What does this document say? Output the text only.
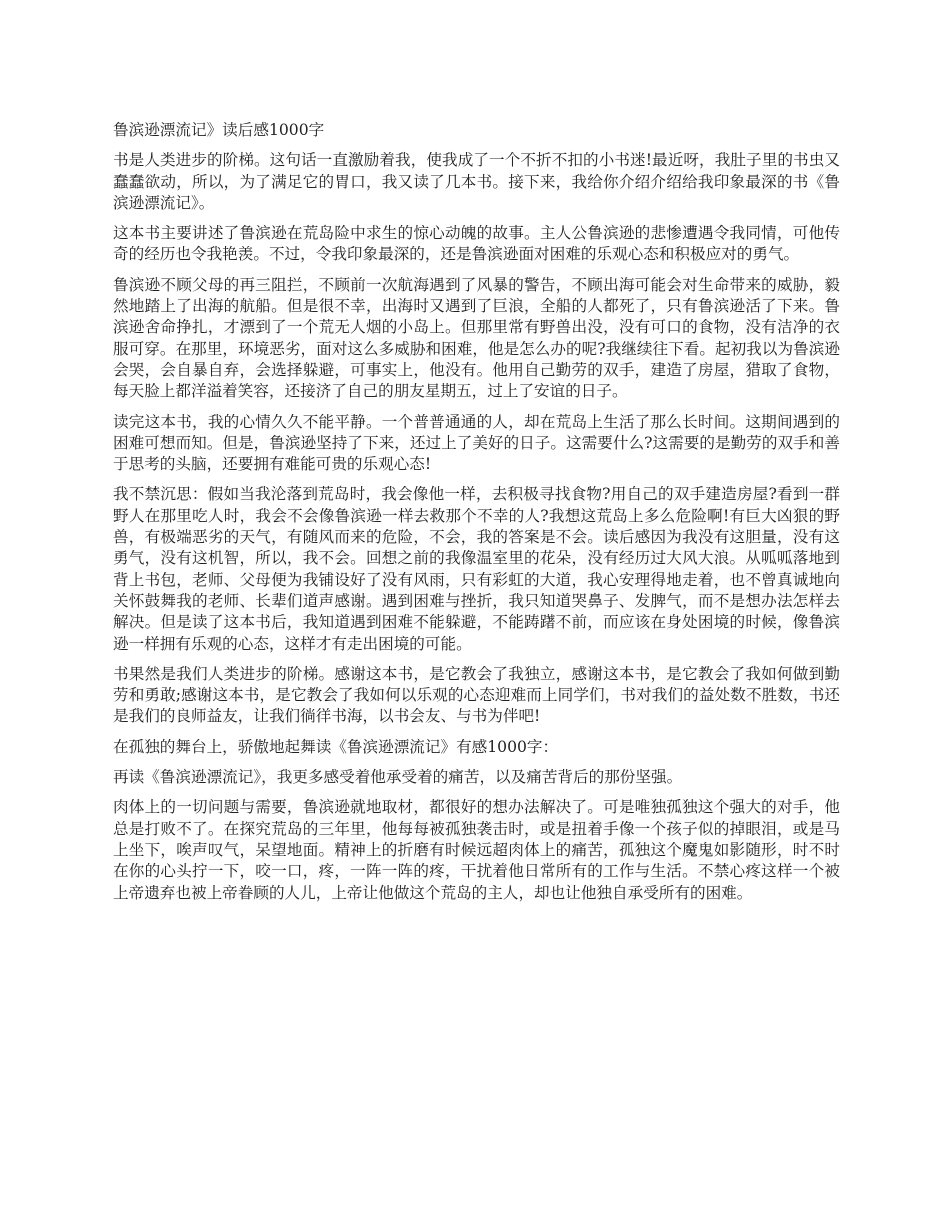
鲁滨逊漂流记》读后感1000字

书是人类进步的阶梯。这句话一直激励着我，使我成了一个不折不扣的小书迷!最近呀，我肚子里的书虫又蠢蠢欲动，所以，为了满足它的胃口，我又读了几本书。接下来，我给你介绍介绍给我印象最深的书《鲁滨逊漂流记》。

这本书主要讲述了鲁滨逊在荒岛险中求生的惊心动魄的故事。主人公鲁滨逊的悲惨遭遇令我同情，可他传奇的经历也令我艳羡。不过，令我印象最深的，还是鲁滨逊面对困难的乐观心态和积极应对的勇气。

鲁滨逊不顾父母的再三阻拦，不顾前一次航海遇到了风暴的警告，不顾出海可能会对生命带来的威胁，毅然地踏上了出海的航船。但是很不幸，出海时又遇到了巨浪，全船的人都死了，只有鲁滨逊活了下来。鲁滨逊舍命挣扎，才漂到了一个荒无人烟的小岛上。但那里常有野兽出没，没有可口的食物，没有洁净的衣服可穿。在那里，环境恶劣，面对这么多威胁和困难，他是怎么办的呢?我继续往下看。起初我以为鲁滨逊会哭，会自暴自弃，会选择躲避，可事实上，他没有。他用自己勤劳的双手，建造了房屋，猎取了食物，每天脸上都洋溢着笑容，还接济了自己的朋友星期五，过上了安谊的日子。

读完这本书，我的心情久久不能平静。一个普普通通的人，却在荒岛上生活了那么长时间。这期间遇到的困难可想而知。但是，鲁滨逊坚持了下来，还过上了美好的日子。这需要什么?这需要的是勤劳的双手和善于思考的头脑，还要拥有难能可贵的乐观心态!

我不禁沉思：假如当我沦落到荒岛时，我会像他一样，去积极寻找食物?用自己的双手建造房屋?看到一群野人在那里吃人时，我会不会像鲁滨逊一样去救那个不幸的人?我想这荒岛上多么危险啊!有巨大凶狠的野兽，有极端恶劣的天气，有随风而来的危险，不会，我的答案是不会。读后感因为我没有这胆量，没有这勇气，没有这机智，所以，我不会。回想之前的我像温室里的花朵，没有经历过大风大浪。从呱呱落地到背上书包，老师、父母便为我铺设好了没有风雨，只有彩虹的大道，我心安理得地走着，也不曾真诚地向关怀鼓舞我的老师、长辈们道声感谢。遇到困难与挫折，我只知道哭鼻子、发脾气，而不是想办法怎样去解决。但是读了这本书后，我知道遇到困难不能躲避，不能踌躇不前，而应该在身处困境的时候，像鲁滨逊一样拥有乐观的心态，这样才有走出困境的可能。

书果然是我们人类进步的阶梯。感谢这本书，是它教会了我独立，感谢这本书，是它教会了我如何做到勤劳和勇敢;感谢这本书，是它教会了我如何以乐观的心态迎难而上同学们，书对我们的益处数不胜数，书还是我们的良师益友，让我们徜徉书海，以书会友、与书为伴吧!

在孤独的舞台上，骄傲地起舞读《鲁滨逊漂流记》有感1000字：

再读《鲁滨逊漂流记》，我更多感受着他承受着的痛苦，以及痛苦背后的那份坚强。

肉体上的一切问题与需要，鲁滨逊就地取材，都很好的想办法解决了。可是唯独孤独这个强大的对手，他总是打败不了。在探究荒岛的三年里，他每每被孤独袭击时，或是扭着手像一个孩子似的掉眼泪，或是马上坐下，唉声叹气，呆望地面。精神上的折磨有时候远超肉体上的痛苦，孤独这个魔鬼如影随形，时不时在你的心头拧一下，咬一口，疼，一阵一阵的疼，干扰着他日常所有的工作与生活。不禁心疼这样一个被上帝遗弃也被上帝眷顾的人儿，上帝让他做这个荒岛的主人，却也让他独自承受所有的困难。
